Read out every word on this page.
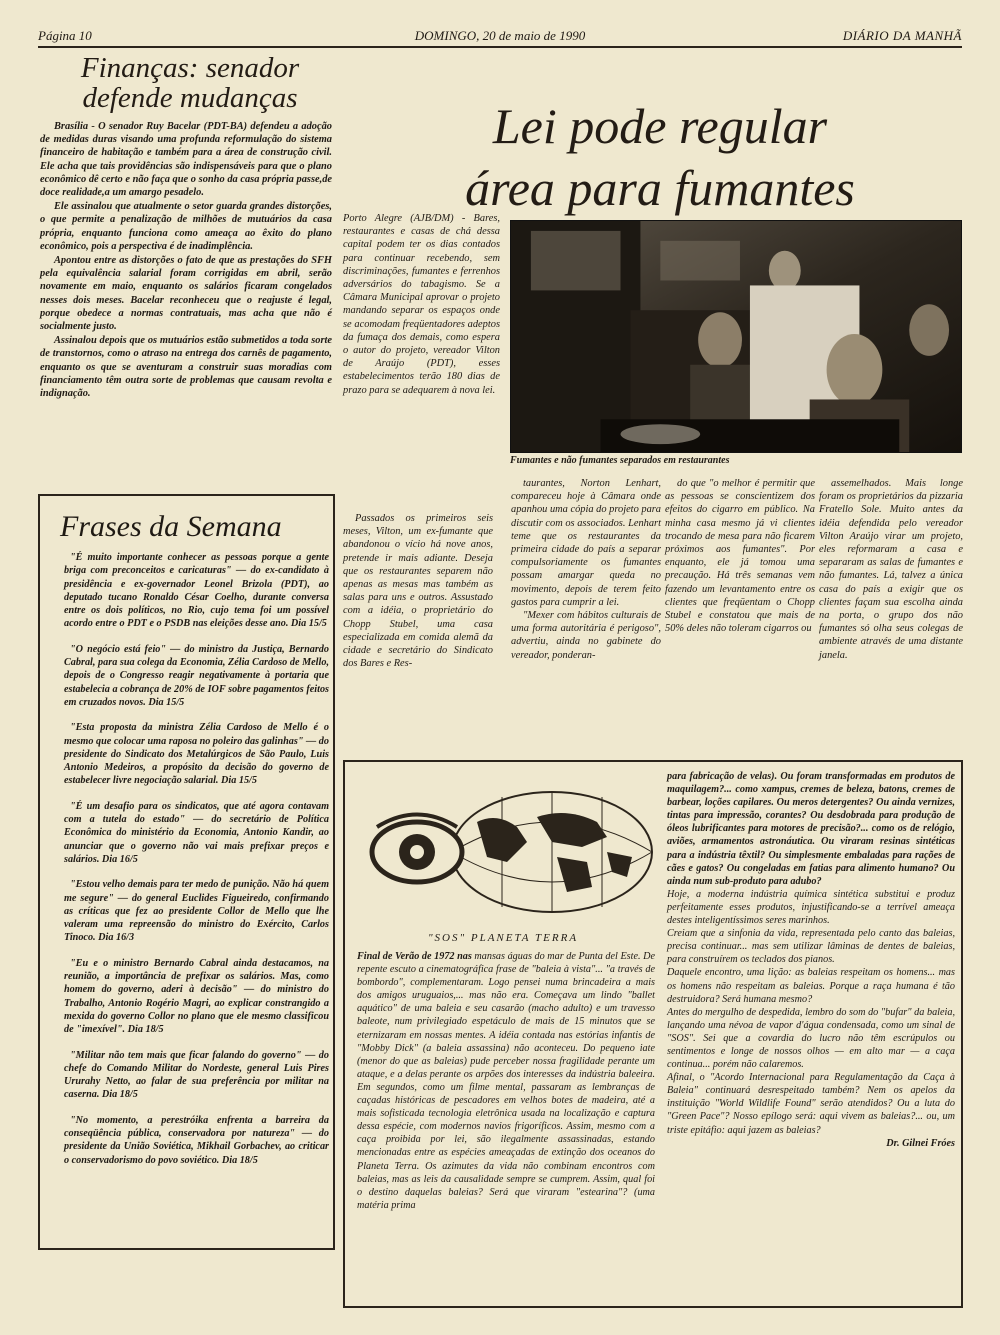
Página 10	DOMINGO, 20 de maio de 1990	DIÁRIO DA MANHÃ
Finanças: senador defende mudanças

Brasília - O senador Ruy Bacelar (PDT-BA) defendeu a adoção de medidas duras visando uma profunda reformulação do sistema financeiro de habitação e também para a área de construção civil. Ele acha que tais providências são indispensáveis para que o plano econômico dê certo e não faça que o sonho da casa própria passe,de doce realidade,a um amargo pesadelo.

Ele assinalou que atualmente o setor guarda grandes distorções, o que permite a penalização de milhões de mutuários da casa própria, enquanto funciona como ameaça ao êxito do plano econômico, pois a perspectiva é de inadimplência.

Apontou entre as distorções o fato de que as prestações do SFH pela equivalência salarial foram corrigidas em abril, serão novamente em maio, enquanto os salários ficaram congelados nesses dois meses. Bacelar reconheceu que o reajuste é legal, porque obedece a normas contratuais, mas acha que não é socialmente justo.

Assinalou depois que os mutuários estão submetidos a toda sorte de transtornos, como o atraso na entrega dos carnês de pagamento, enquanto os que se aventuram a construir suas moradias com financiamento têm outra sorte de problemas que causam revolta e indignação.

Lei pode regular
área para fumantes
Porto Alegre (AJB/DM) - Bares, restaurantes e casas de chá dessa capital podem ter os dias contados para continuar recebendo, sem discriminações, fumantes e ferrenhos adversários do tabagismo. Se a Câmara Municipal aprovar o projeto mandando separar os espaços onde se acomodam freqüentadores adeptos da fumaça dos demais, como espera o autor do projeto, vereador Vilton de Araújo (PDT), esses estabelecimentos terão 180 dias de prazo para se adequarem à nova lei.
Fumantes e não fumantes separados em restaurantes

Passados os primeiros seis meses, Vilton, um ex-fumante que abandonou o vício há nove anos, pretende ir mais adiante. Deseja que os restaurantes separem não apenas as mesas mas também as salas para uns e outros. Assustado com a idéia, o proprietário do Chopp Stubel, uma casa especializada em comida alemã da cidade e secretário do Sindicato dos Bares e Res-

taurantes, Norton Lenhart, compareceu hoje à Câmara onde apanhou uma cópia do projeto para discutir com os associados. Lenhart teme que os restaurantes da primeira cidade do país a separar compulsoriamente os fumantes possam amargar queda no movimento, depois de terem feito gastos para cumprir a lei.

"Mexer com hábitos culturais de uma forma autoritária é perigoso", advertiu, ainda no gabinete do vereador, ponderan-

do que "o melhor é permitir que as pessoas se conscientizem dos efeitos do cigarro em público. Na minha casa mesmo já vi clientes trocando de mesa para não ficarem próximos aos fumantes". Por enquanto, ele já tomou uma precaução. Há três semanas vem fazendo um levantamento entre os clientes que freqüentam o Chopp Stubel e constatou que mais de 50% deles não toleram cigarros ou

assemelhados. Mais longe foram os proprietários da pizzaria Fratello Sole. Muito antes da idéia defendida pelo vereador Vilton Araújo virar um projeto, eles reformaram a casa e separaram as salas de fumantes e não fumantes. Lá, talvez a única casa do país a exigir que os clientes façam sua escolha ainda na porta, o grupo dos não fumantes só olha seus colegas de ambiente através de uma distante janela.

Frases da Semana
"É muito importante conhecer as pessoas porque a gente briga com preconceitos e caricaturas" — do ex-candidato à presidência e ex-governador Leonel Brizola (PDT), ao deputado tucano Ronaldo César Coelho, durante conversa entre os dois políticos, no Rio, cujo tema foi um possível acordo entre o PDT e o PSDB nas eleições desse ano. Dia 15/5
"O negócio está feio" — do ministro da Justiça, Bernardo Cabral, para sua colega da Economia, Zélia Cardoso de Mello, depois de o Congresso reagir negativamente à portaria que estabelecia a cobrança de 20% de IOF sobre pagamentos feitos em cruzados novos. Dia 15/5
"Esta proposta da ministra Zélia Cardoso de Mello é o mesmo que colocar uma raposa no poleiro das galinhas" — do presidente do Sindicato dos Metalúrgicos de São Paulo, Luis Antonio Medeiros, a propósito da decisão do governo de estabelecer livre negociação salarial. Dia 15/5
"É um desafio para os sindicatos, que até agora contavam com a tutela do estado" — do secretário de Política Econômica do ministério da Economia, Antonio Kandir, ao anunciar que o governo não vai mais prefixar preços e salários. Dia 16/5
"Estou velho demais para ter medo de punição. Não há quem me segure" — do general Euclides Figueiredo, confirmando as críticas que fez ao presidente Collor de Mello que lhe valeram uma repreensão do ministro do Exército, Carlos Tinoco. Dia 16/3
"Eu e o ministro Bernardo Cabral ainda destacamos, na reunião, a importância de prefixar os salários. Mas, como homem do governo, aderi à decisão" — do ministro do Trabalho, Antonio Rogério Magri, ao explicar constrangido a mexida do governo Collor no plano que ele mesmo classificou de "imexível". Dia 18/5
"Militar não tem mais que ficar falando do governo" — do chefe do Comando Militar do Nordeste, general Luis Pires Ururahy Netto, ao falar de sua preferência por militar na caserna. Dia 18/5
"No momento, a perestróika enfrenta a barreira da conseqüência pública, conservadora por natureza" — do presidente da União Soviética, Mikhail Gorbachev, ao criticar o conservadorismo do povo soviético. Dia 18/5
"SOS" PLANETA TERRA
Final de Verão de 1972 nas mansas águas do mar de Punta del Este. De repente escuto a cinematográfica frase de "baleia à vista"... "a través de bombordo", complementaram. Logo pensei numa brincadeira a mais dos amigos uruguaios,... mas não era. Começava um lindo "ballet aquático" de uma baleia e seu casarão (macho adulto) e um travesso baleote, num privilegiado espetáculo de mais de 15 minutos que se eternizaram em nossas mentes. A idéia contada nas estórias infantis de "Mobby Dick" (a baleia assassina) não aconteceu. Do pequeno iate (menor do que as baleias) pude perceber nossa fragilidade perante um ataque, e a delas perante os arpões dos interesses da indústria baleeira. Em segundos, como um filme mental, passaram as lembranças de caçadas históricas de pescadores em velhos botes de madeira, até a mais sofisticada tecnologia eletrônica usada na localização e captura dessa espécie, com modernos navios frigoríficos. Assim, mesmo com a caça proibida por lei, são ilegalmente assassinadas, estando mencionadas entre as espécies ameaçadas de extinção dos oceanos do Planeta Terra. Os azimutes da vida não combinam encontros com baleias, mas as leis da causalidade sempre se cumprem. Assim, qual foi o destino daquelas baleias? Será que viraram "estearina"? (uma matéria prima

para fabricação de velas). Ou foram transformadas em produtos de maquilagem?... como xampus, cremes de beleza, batons, cremes de barbear, loções capilares. Ou meros detergentes? Ou ainda vernizes, tintas para impressão, corantes? Ou desdobrada para produção de óleos lubrificantes para motores de precisão?... como os de relógio, aviões, armamentos astronáutica. Ou viraram resinas sintéticas para a indústria têxtil? Ou simplesmente embaladas para rações de cães e gatos? Ou congeladas em fatias para alimento humano? Ou ainda num sub-produto para adubo?

Hoje, a moderna indústria química sintética substitui e produz perfeitamente esses produtos, injustificando-se a terrível ameaça destes inteligentíssimos seres marinhos.

Creiam que a sinfonia da vida, representada pelo canto das baleias, precisa continuar... mas sem utilizar lâminas de dentes de baleias, para construírem os teclados dos pianos.

Daquele encontro, uma lição: as baleias respeitam os homens... mas os homens não respeitam as baleias. Porque a raça humana é tão destruidora? Será humana mesmo?

Antes do mergulho de despedida, lembro do som do "bufar" da baleia, lançando uma névoa de vapor d'água condensada, como um sinal de "SOS". Sei que a covardia do lucro não têm escrúpulos ou sentimentos e longe de nossos olhos — em alto mar — a caça continua... porém não calaremos.

Afinal, o "Acordo Internacional para Regulamentação da Caça à Baleia" continuará desrespeitado também? Nem os apelos da instituição "World Wildlife Found" serão atendidos? Ou a luta do "Green Pace"? Nosso epílogo será: aqui vivem as baleias?... ou, um triste epitáfio: aqui jazem as baleias?

Dr. Gilnei Fróes
